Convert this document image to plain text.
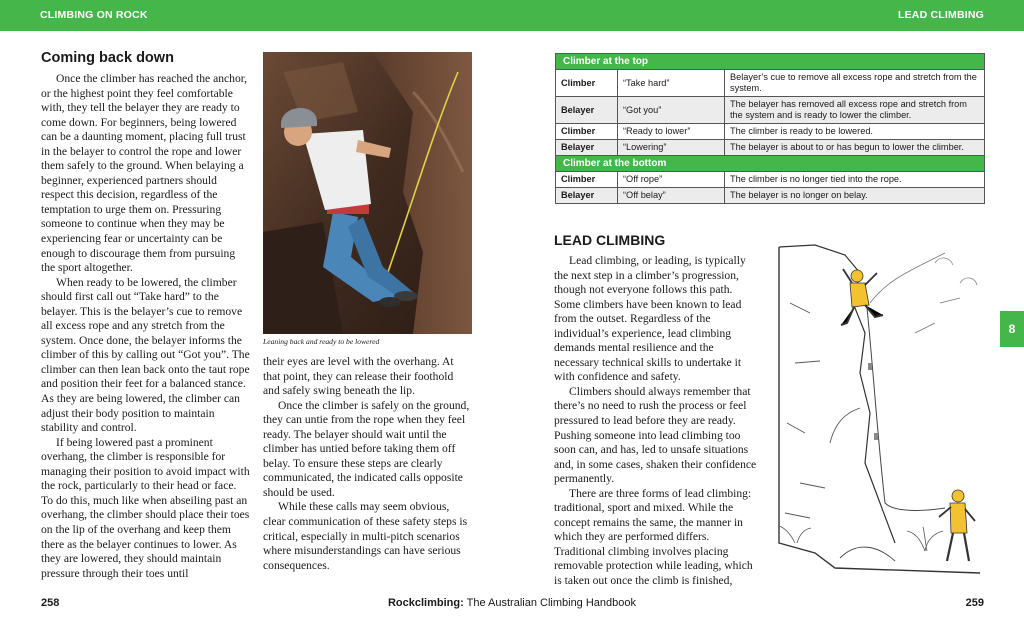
CLIMBING ON ROCK	LEAD CLIMBING
8
Coming back down

Once the climber has reached the anchor, or the highest point they feel comfortable with, they tell the belayer they are ready to come down. For beginners, being lowered can be a daunting moment, placing full trust in the belayer to control the rope and lower them safely to the ground. When belaying a beginner, experienced partners should respect this decision, regardless of the temptation to urge them on. Pressuring someone to continue when they may be experiencing fear or uncertainty can be enough to discourage them from pursuing the sport altogether.

When ready to be lowered, the climber should first call out “Take hard” to the belayer. This is the belayer’s cue to remove all excess rope and any stretch from the system. Once done, the belayer informs the climber of this by calling out “Got you”. The climber can then lean back onto the taut rope and position their feet for a balanced stance. As they are being lowered, the climber can adjust their body position to maintain stability and control.

If being lowered past a prominent overhang, the climber is responsible for managing their position to avoid impact with the rock, particularly to their head or face. To do this, much like when abseiling past an overhang, the climber should place their toes on the lip of the overhang and keep them there as the belayer continues to lower. As they are lowered, they should maintain pressure through their toes until

Leaning back and ready to be lowered

their eyes are level with the overhang. At that point, they can release their foothold and safely swing beneath the lip.

Once the climber is safely on the ground, they can untie from the rope when they feel ready. The belayer should wait until the climber has untied before taking them off belay. To ensure these steps are clearly communicated, the indicated calls opposite should be used.

While these calls may seem obvious, clear communication of these safety steps is critical, especially in multi-pitch scenarios where misunderstandings can have serious consequences.

Climber at the top		
Climber	“Take hard”	Belayer’s cue to remove all excess rope and stretch from the system.
Belayer	“Got you”	The belayer has removed all excess rope and stretch from the system and is ready to lower the climber.
Climber	“Ready to lower”	The climber is ready to be lowered.
Belayer	“Lowering”	The belayer is about to or has begun to lower the climber.
Climber at the bottom		
Climber	“Off rope”	The climber is no longer tied into the rope.
Belayer	“Off belay”	The belayer is no longer on belay.
LEAD CLIMBING

Lead climbing, or leading, is typically the next step in a climber’s progression, though not everyone follows this path. Some climbers have been known to lead from the outset. Regardless of the individual’s experience, lead climbing demands mental resilience and the necessary technical skills to undertake it with confidence and safety.

Climbers should always remember that there’s no need to rush the process or feel pressured to lead before they are ready. Pushing someone into lead climbing too soon can, and has, led to unsafe situations and, in some cases, shaken their confidence permanently.

There are three forms of lead climbing: traditional, sport and mixed. While the concept remains the same, the manner in which they are performed differs. Traditional climbing involves placing removable protection while leading, which is taken out once the climb is finished,

258	Rockclimbing: The Australian Climbing Handbook	259
